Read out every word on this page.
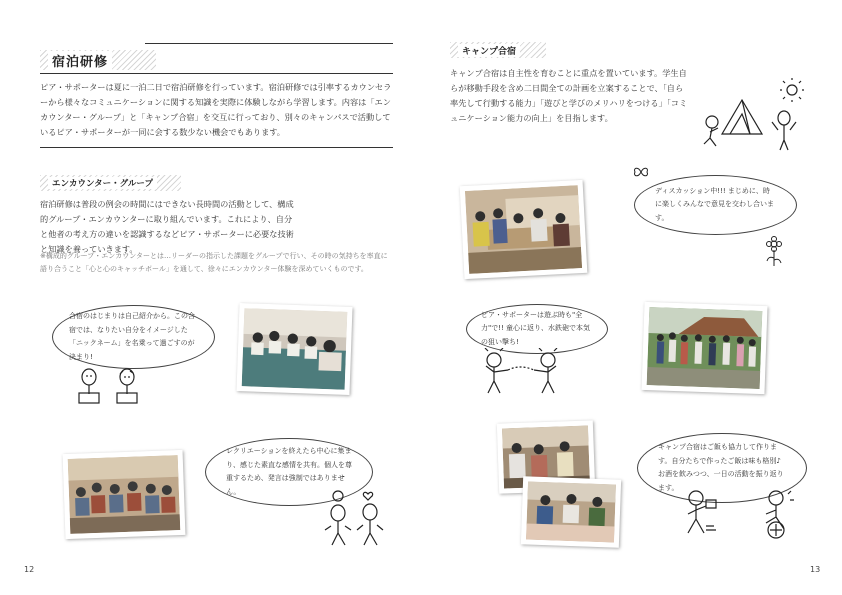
宿泊研修
ピア・サポーターは夏に一泊二日で宿泊研修を行っています。宿泊研修では引率するカウンセラーから様々なコミュニケーションに関する知識を実際に体験しながら学習します。内容は「エンカウンター・グループ」と「キャンプ合宿」を交互に行っており、別々のキャンパスで活動しているピア・サポーターが一同に会する数少ない機会でもあります。
エンカウンター・グループ
宿泊研修は普段の例会の時間にはできない長時間の活動として、構成的グループ・エンカウンターに取り組んでいます。これにより、自分と他者の考え方の違いを認識するなどピア・サポーターに必要な技術と知識を養っていきます。
※構成的グループ・エンカウンターとは…リーダーの指示した課題をグループで行い、その時の気持ちを率直に語り合うこと「心と心のキャッチボール」を通して、徐々にエンカウンター体験を深めていくものです。

合宿のはじまりは自己紹介から。この合宿では、なりたい自分をイメージした「ニックネーム」を名乗って過ごすのが決まり!

レクリエーションを終えたら中心に集まり、感じた素直な感情を共有。個人を尊重するため、発言は強制ではありません。

12
キャンプ合宿
キャンプ合宿は自主性を育むことに重点を置いています。学生自らが移動手段を含め二日間全ての計画を立案することで、「自ら率先して行動する能力」「遊びと学びのメリハリをつける」「コミュニケーション能力の向上」を目指します。

ディスカッション中!!! まじめに、時に楽しくみんなで意見を交わし合います。

ピア・サポーターは遊ぶ時も"全力"で!! 童心に返り、水鉄砲で本気の狙い撃ち!

キャンプ合宿はご飯も協力して作ります。自分たちで作ったご飯は味も格別♪ お酒を飲みつつ、一日の活動を振り返ります。

13
